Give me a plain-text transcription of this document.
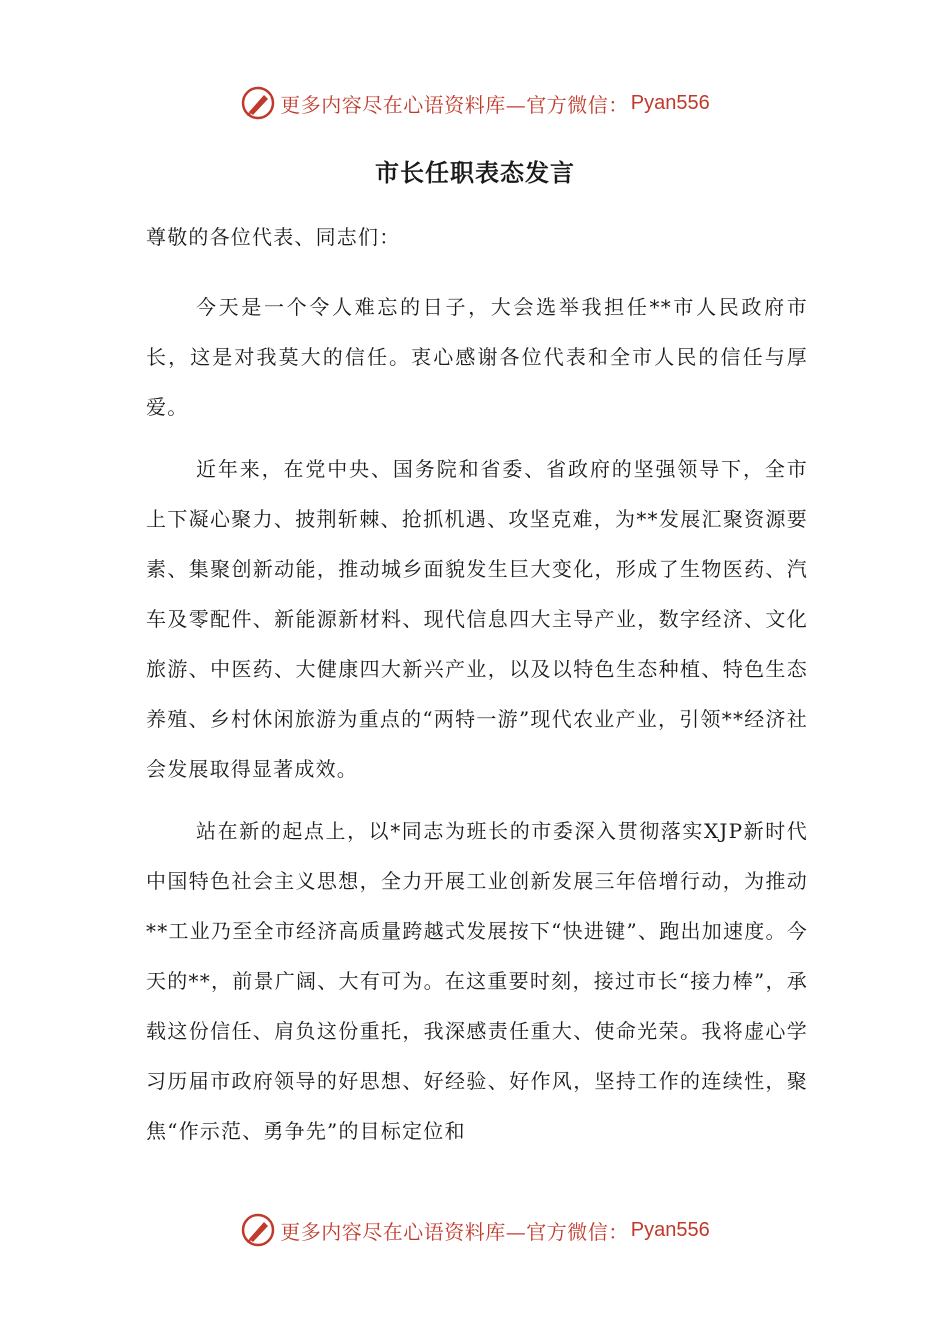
更多内容尽在心语资料库—官方微信： Pyan556
市长任职表态发言

尊敬的各位代表、同志们：

今天是一个令人难忘的日子，大会选举我担任**市人民政府市长，这是对我莫大的信任。衷心感谢各位代表和全市人民的信任与厚爱。

近年来，在党中央、国务院和省委、省政府的坚强领导下，全市上下凝心聚力、披荆斩棘、抢抓机遇、攻坚克难，为**发展汇聚资源要素、集聚创新动能，推动城乡面貌发生巨大变化，形成了生物医药、汽车及零配件、新能源新材料、现代信息四大主导产业，数字经济、文化旅游、中医药、大健康四大新兴产业，以及以特色生态种植、特色生态养殖、乡村休闲旅游为重点的“两特一游”现代农业产业，引领**经济社会发展取得显著成效。

站在新的起点上，以*同志为班长的市委深入贯彻落实XJP新时代中国特色社会主义思想，全力开展工业创新发展三年倍增行动，为推动**工业乃至全市经济高质量跨越式发展按下“快进键”、跑出加速度。今天的**，前景广阔、大有可为。在这重要时刻，接过市长“接力棒”，承载这份信任、肩负这份重托，我深感责任重大、使命光荣。我将虚心学习历届市政府领导的好思想、好经验、好作风，坚持工作的连续性，聚焦“作示范、勇争先”的目标定位和

更多内容尽在心语资料库—官方微信： Pyan556
